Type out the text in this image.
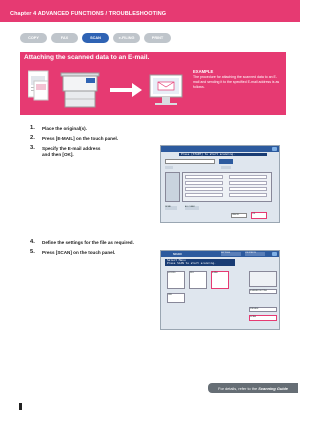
Chapter 4 ADVANCED FUNCTIONS / TROUBLESHOOTING
COPY	FAX	SCAN	e-FILING	PRINT
Attaching the scanned data to an E-mail.
EXAMPLE
The procedure for attaching the scanned data to an E-mail and sending it to the specified E-mail address is as follows.
1. Place the original(s).
2. Press [E-MAIL] on the touch panel.
3. Specify the E-mail address and then [OK].	Press [START] to start scanning.
DETAIL	ALL CLEAR
CANCEL	OK
4. Define the settings for the file as required.
5. Press [SCAN] on the touch panel.	SCAN	SETTINGS	JOB STATUS
Select Menu
Press SCAN to start scanning.
e-FILING	FILE	E-MAIL
USB
SCANNER SETTING
PREVIEW
SCAN
For details, refer to the Scanning Guide
